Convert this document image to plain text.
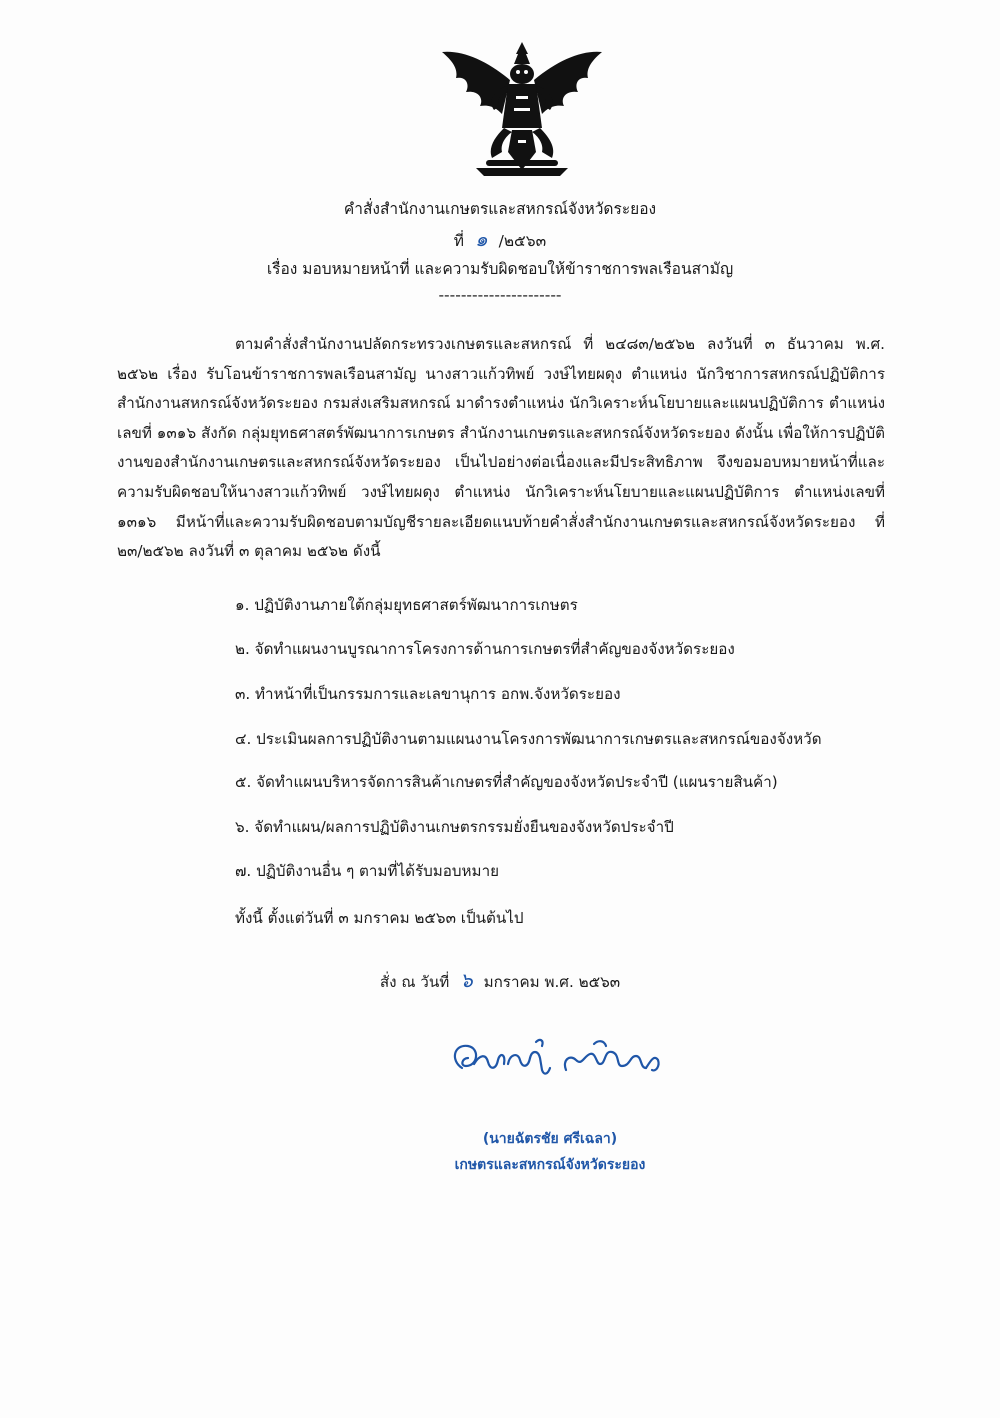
คำสั่งสำนักงานเกษตรและสหกรณ์จังหวัดระยอง
ที่ ๑ /๒๕๖๓
เรื่อง มอบหมายหน้าที่ และความรับผิดชอบให้ข้าราชการพลเรือนสามัญ
----------------------
ตามคำสั่งสำนักงานปลัดกระทรวงเกษตรและสหกรณ์ ที่ ๒๔๘๓/๒๕๖๒ ลงวันที่ ๓ ธันวาคม พ.ศ. ๒๕๖๒ เรื่อง รับโอนข้าราชการพลเรือนสามัญ นางสาวแก้วทิพย์ วงษ์ไทยผดุง ตำแหน่ง นักวิชาการสหกรณ์ปฏิบัติการ สำนักงานสหกรณ์จังหวัดระยอง กรมส่งเสริมสหกรณ์ มาดำรงตำแหน่ง นักวิเคราะห์นโยบายและแผนปฏิบัติการ ตำแหน่งเลขที่ ๑๓๑๖ สังกัด กลุ่มยุทธศาสตร์พัฒนาการเกษตร สำนักงานเกษตรและสหกรณ์จังหวัดระยอง ดังนั้น เพื่อให้การปฏิบัติงานของสำนักงานเกษตรและสหกรณ์จังหวัดระยอง เป็นไปอย่างต่อเนื่องและมีประสิทธิภาพ จึงขอมอบหมายหน้าที่และความรับผิดชอบให้นางสาวแก้วทิพย์ วงษ์ไทยผดุง ตำแหน่ง นักวิเคราะห์นโยบายและแผนปฏิบัติการ ตำแหน่งเลขที่ ๑๓๑๖ มีหน้าที่และความรับผิดชอบตามบัญชีรายละเอียดแนบท้ายคำสั่งสำนักงานเกษตรและสหกรณ์จังหวัดระยอง ที่ ๒๓/๒๕๖๒ ลงวันที่ ๓ ตุลาคม ๒๕๖๒ ดังนี้
๑. ปฏิบัติงานภายใต้กลุ่มยุทธศาสตร์พัฒนาการเกษตร
๒. จัดทำแผนงานบูรณาการโครงการด้านการเกษตรที่สำคัญของจังหวัดระยอง
๓. ทำหน้าที่เป็นกรรมการและเลขานุการ อกพ.จังหวัดระยอง
๔. ประเมินผลการปฏิบัติงานตามแผนงานโครงการพัฒนาการเกษตรและสหกรณ์ของจังหวัด
๕. จัดทำแผนบริหารจัดการสินค้าเกษตรที่สำคัญของจังหวัดประจำปี (แผนรายสินค้า)
๖. จัดทำแผน/ผลการปฏิบัติงานเกษตรกรรมยั่งยืนของจังหวัดประจำปี
๗. ปฏิบัติงานอื่น ๆ ตามที่ได้รับมอบหมาย
ทั้งนี้ ตั้งแต่วันที่ ๓ มกราคม ๒๕๖๓ เป็นต้นไป
สั่ง ณ วันที่ ๖ มกราคม พ.ศ. ๒๕๖๓
(นายฉัตรชัย ศรีเฉลา)
เกษตรและสหกรณ์จังหวัดระยอง
